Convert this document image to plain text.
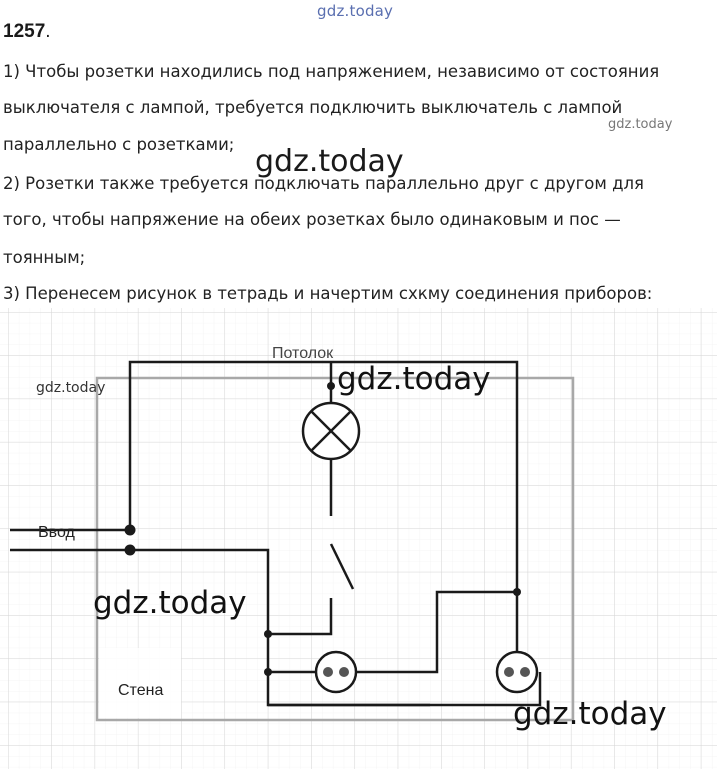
gdz.today
1257.
1) Чтобы розетки находились под напряжением, независимо от состояния
выключателя с лампой, требуется подключить выключатель с лампой
gdz.today
параллельно с розетками; gdz.today
2) Розетки также требуется подключать параллельно друг с другом для
того, чтобы напряжение на обеих розетках было одинаковым и пос —
тоянным;
3) Перенесем рисунок в тетрадь и начертим схкму соединения приборов:
Потолок
Ввод
Стена
gdz.today	gdz.today
gdz.today
gdz.today
